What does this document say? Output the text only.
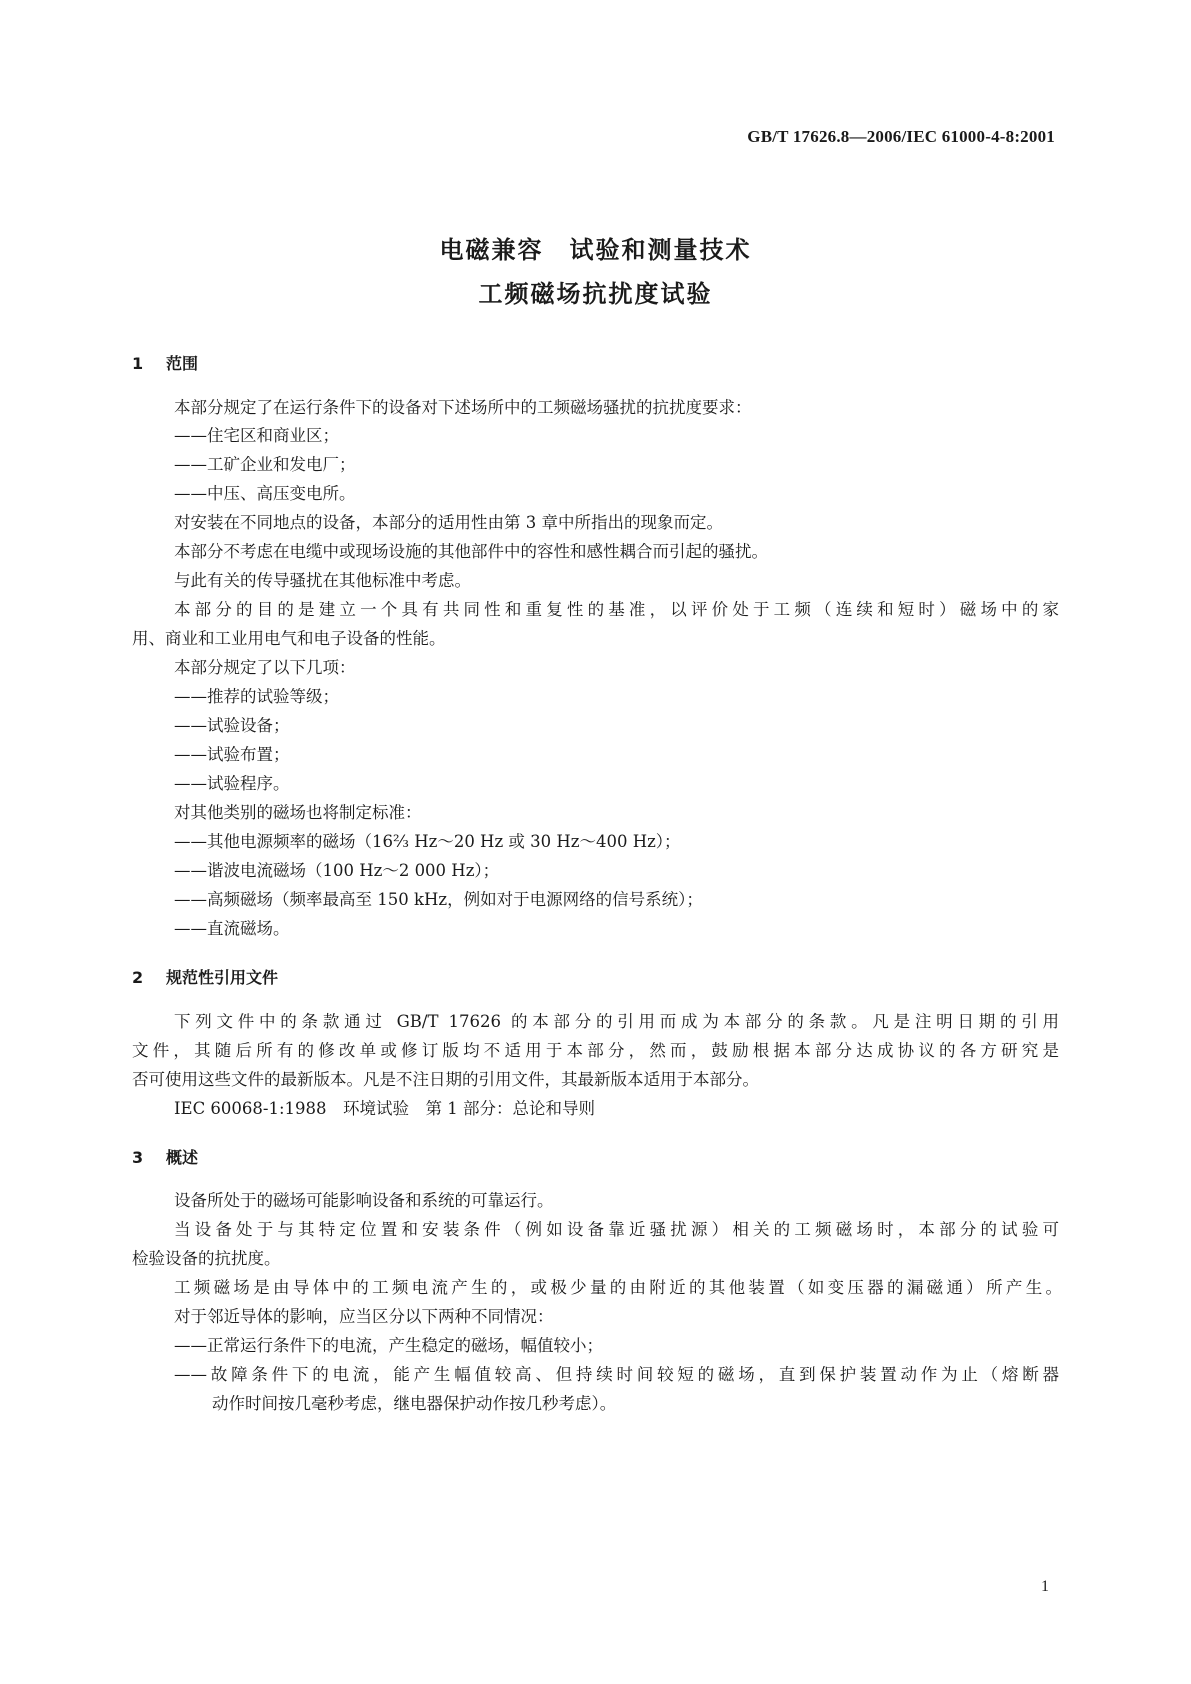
GB/T 17626.8—2006/IEC 61000-4-8:2001
电磁兼容　试验和测量技术
工频磁场抗扰度试验
1 范围
本部分规定了在运行条件下的设备对下述场所中的工频磁场骚扰的抗扰度要求：
——住宅区和商业区；
——工矿企业和发电厂；
——中压、高压变电所。
对安装在不同地点的设备，本部分的适用性由第 3 章中所指出的现象而定。
本部分不考虑在电缆中或现场设施的其他部件中的容性和感性耦合而引起的骚扰。
与此有关的传导骚扰在其他标准中考虑。
本部分的目的是建立一个具有共同性和重复性的基准，以评价处于工频（连续和短时）磁场中的家
用、商业和工业用电气和电子设备的性能。
本部分规定了以下几项：
——推荐的试验等级；
——试验设备；
——试验布置；
——试验程序。
对其他类别的磁场也将制定标准：
——其他电源频率的磁场（16⅔ Hz～20 Hz 或 30 Hz～400 Hz）；
——谐波电流磁场（100 Hz～2 000 Hz）；
——高频磁场（频率最高至 150 kHz，例如对于电源网络的信号系统）；
——直流磁场。
2 规范性引用文件
下列文件中的条款通过 GB/T 17626 的本部分的引用而成为本部分的条款。凡是注明日期的引用
文件，其随后所有的修改单或修订版均不适用于本部分，然而，鼓励根据本部分达成协议的各方研究是
否可使用这些文件的最新版本。凡是不注日期的引用文件，其最新版本适用于本部分。
IEC 60068-1:1988　环境试验　第 1 部分：总论和导则
3 概述
设备所处于的磁场可能影响设备和系统的可靠运行。
当设备处于与其特定位置和安装条件（例如设备靠近骚扰源）相关的工频磁场时，本部分的试验可
检验设备的抗扰度。
工频磁场是由导体中的工频电流产生的，或极少量的由附近的其他装置（如变压器的漏磁通）所产生。
对于邻近导体的影响，应当区分以下两种不同情况：
——正常运行条件下的电流，产生稳定的磁场，幅值较小；
——故障条件下的电流，能产生幅值较高、但持续时间较短的磁场，直到保护装置动作为止（熔断器
动作时间按几毫秒考虑，继电器保护动作按几秒考虑）。
1
